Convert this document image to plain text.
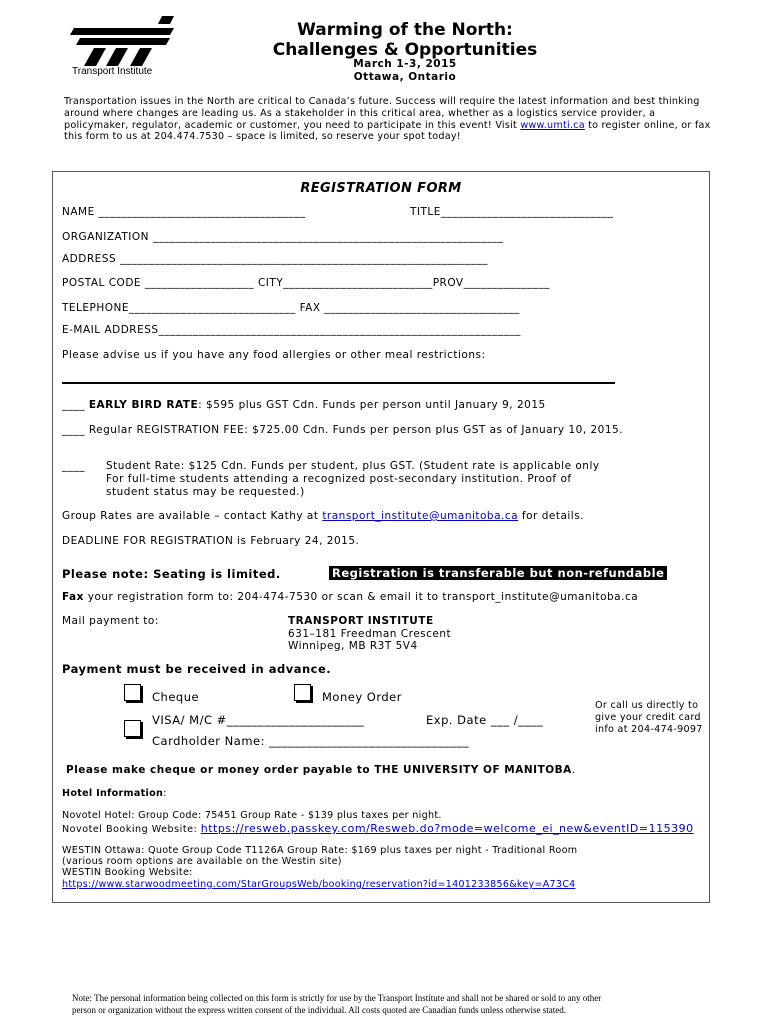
Transport Institute
Warming of the North:
Challenges & Opportunities
March 1-3, 2015
Ottawa, Ontario
Transportation issues in the North are critical to Canada’s future. Success will require the latest information and best thinking around where changes are leading us. As a stakeholder in this critical area, whether as a logistics service provider, a policymaker, regulator, academic or customer, you need to participate in this event! Visit www.umti.ca to register online, or fax this form to us at 204.474.7530 – space is limited, so reserve your spot today!
REGISTRATION FORM
NAME ____________________________________	TITLE______________________________
ORGANIZATION _____________________________________________________________
ADDRESS ________________________________________________________________
POSTAL CODE ___________________ CITY__________________________PROV_______________
TELEPHONE_____________________________ FAX __________________________________
E-MAIL ADDRESS_______________________________________________________________
Please advise us if you have any food allergies or other meal restrictions:
____ EARLY BIRD RATE: $595 plus GST Cdn. Funds per person until January 9, 2015
____ Regular REGISTRATION FEE: $725.00 Cdn. Funds per person plus GST as of January 10, 2015.
____ Student Rate: $125 Cdn. Funds per student, plus GST. (Student rate is applicable only
For full-time students attending a recognized post-secondary institution. Proof of
student status may be requested.)
Group Rates are available – contact Kathy at transport_institute@umanitoba.ca for details.
DEADLINE FOR REGISTRATION is February 24, 2015.
Please note: Seating is limited.	Registration is transferable but non-refundable
Fax your registration form to: 204-474-7530 or scan & email it to transport_institute@umanitoba.ca
Mail payment to:	TRANSPORT INSTITUTE
631–181 Freedman Crescent
Winnipeg, MB R3T 5V4
Payment must be received in advance.
Cheque	Money Order
VISA/ M/C #______________________	Exp. Date ___ /____
Cardholder Name: ________________________________
Or call us directly to
give your credit card
info at 204-474-9097
Please make cheque or money order payable to THE UNIVERSITY OF MANITOBA.
Hotel Information:
Novotel Hotel: Group Code: 75451 Group Rate - $139 plus taxes per night.
Novotel Booking Website: https://resweb.passkey.com/Resweb.do?mode=welcome_ei_new&eventID=115390
WESTIN Ottawa: Quote Group Code T1126A Group Rate: $169 plus taxes per night - Traditional Room
(various room options are available on the Westin site)
WESTIN Booking Website:
https://www.starwoodmeeting.com/StarGroupsWeb/booking/reservation?id=1401233856&key=A73C4
Note: The personal information being collected on this form is strictly for use by the Transport Institute and shall not be shared or sold to any other
person or organization without the express written consent of the individual. All costs quoted are Canadian funds unless otherwise stated.
